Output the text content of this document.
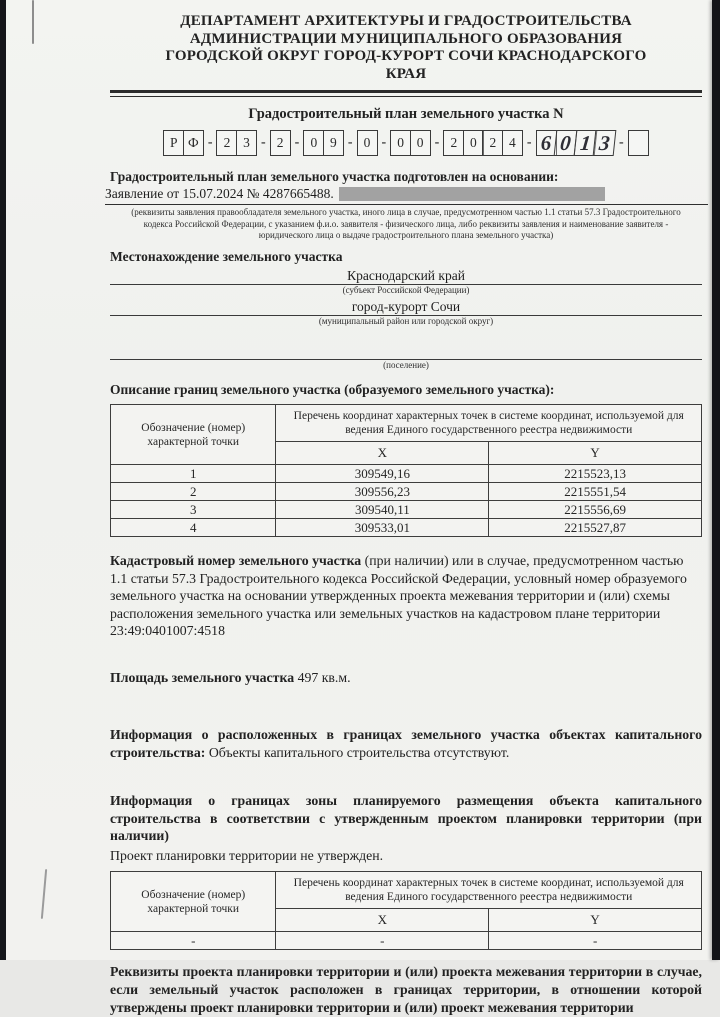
ДЕПАРТАМЕНТ АРХИТЕКТУРЫ И ГРАДОСТРОИТЕЛЬСТВА
АДМИНИСТРАЦИИ МУНИЦИПАЛЬНОГО ОБРАЗОВАНИЯ
ГОРОДСКОЙ ОКРУГ ГОРОД-КУРОРТ СОЧИ КРАСНОДАРСКОГО
КРАЯ
Градостроительный план земельного участка N
Р Ф - 2 3 - 2 - 0 9 - 0 - 0 0 - 2 0 2 4 - 6 0 1 3 -
Градостроительный план земельного участка подготовлен на основании:
Заявление от 15.07.2024 № 4287665488.
(реквизиты заявления правообладателя земельного участка, иного лица в случае, предусмотренном частью 1.1 статьи 57.3 Градостроительного кодекса Российской Федерации, с указанием ф.и.о. заявителя - физического лица, либо реквизиты заявления и наименование заявителя - юридического лица о выдаче градостроительного плана земельного участка)
Местонахождение земельного участка
Краснодарский край
(субъект Российской Федерации)
город-курорт Сочи
(муниципальный район или городской округ)
(поселение)
Описание границ земельного участка (образуемого земельного участка):
Обозначение (номер) характерной точки	Перечень координат характерных точек в системе координат, используемой для ведения Единого государственного реестра недвижимости	
	X	Y
1	309549,16	2215523,13
2	309556,23	2215551,54
3	309540,11	2215556,69
4	309533,01	2215527,87

Кадастровый номер земельного участка (при наличии) или в случае, предусмотренном частью 1.1 статьи 57.3 Градостроительного кодекса Российской Федерации, условный номер образуемого земельного участка на основании утвержденных проекта межевания территории и (или) схемы расположения земельного участка или земельных участков на кадастровом плане территории 23:49:0401007:4518

Площадь земельного участка 497 кв.м.

Информация о расположенных в границах земельного участка объектах капитального строительства: Объекты капитального строительства отсутствуют.

Информация о границах зоны планируемого размещения объекта капитального строительства в соответствии с утвержденным проектом планировки территории (при наличии)

Проект планировки территории не утвержден.

Обозначение (номер) характерной точки	Перечень координат характерных точек в системе координат, используемой для ведения Единого государственного реестра недвижимости	
	X	Y
-	-	-

Реквизиты проекта планировки территории и (или) проекта межевания территории в случае, если земельный участок расположен в границах территории, в отношении которой утверждены проект планировки территории и (или) проект межевания территории
